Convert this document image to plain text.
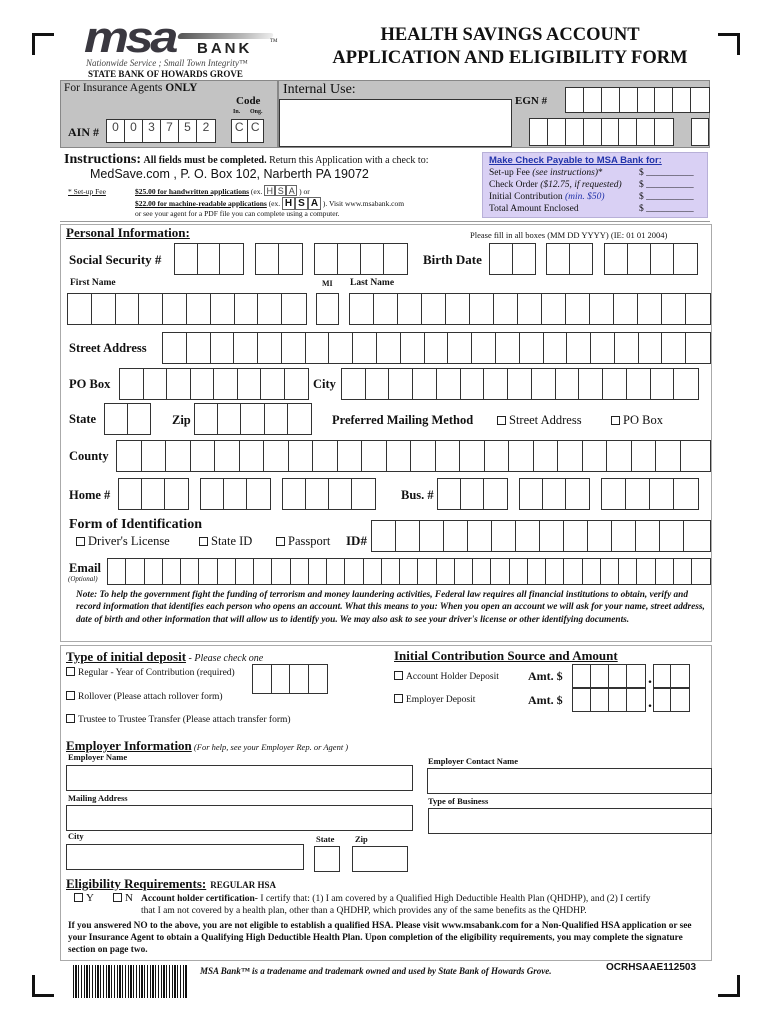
msa BANK	TM
Nationwide Service ; Small Town Integrity™
STATE BANK OF HOWARDS GROVE
HEALTH SAVINGS ACCOUNT
APPLICATION AND ELIGIBILITY FORM
For Insurance Agents ONLY
Code
In. Ong.
AIN #	0 0 3 7 5 2	C C
Internal Use:
EGN #
Instructions: All fields must be completed. Return this Application with a check to:
MedSave.com , P. O. Box 102, Narberth PA 19072
* Set-up Fee	$25.00 for handwritten applications (ex. H S A ) or
$22.00 for machine-readable applications (ex. H S A ). Visit www.msabank.com
or see your agent for a PDF file you can complete using a computer.
Make Check Payable to MSA Bank for:
Set-up Fee (see instructions)*	$ __________
Check Order ($12.75, if requested) $ __________
Initial Contribution (min. $50)	$ __________
Total Amount Enclosed	$ __________
Personal Information:	Please fill in all boxes (MM DD YYYY) (IE: 01 01 2004)
Social Security #	Birth Date
First Name	MI Last Name
Street Address
PO Box	City
State	Zip	Preferred Mailing Method	Street Address	PO Box
County
Home #	Bus. #
Form of Identification
Driver's License	State ID	Passport ID#
Email
(Optional)
Note: To help the government fight the funding of terrorism and money laundering activities, Federal law requires all financial institutions to obtain, verify and record information that identifies each person who opens an account. What this means to you: When you open an account we will ask for your name, street address, date of birth and other information that will allow us to identify you. We may also ask to see your driver's license or other identifying documents.
Type of initial deposit - Please check one
Regular - Year of Contribution (required)
Rollover (Please attach rollover form)
Trustee to Trustee Transfer (Please attach transfer form)
Initial Contribution Source and Amount
Account Holder Deposit Amt. $	.
Employer Deposit	Amt. $	.
Employer Information (For help, see your Employer Rep. or Agent )
Employer Name	Employer Contact Name
Mailing Address	Type of Business
City	State Zip
Eligibility Requirements: REGULAR HSA
Y	N Account holder certification- I certify that: (1) I am covered by a Qualified High Deductible Health Plan (QHDHP), and (2) I certify
that I am not covered by a health plan, other than a QHDHP, which provides any of the same benefits as the QHDHP.
If you answered NO to the above, you are not eligible to establish a qualified HSA. Please visit www.msabank.com for a Non-Qualified HSA application or see your Insurance Agent to obtain a Qualifying High Deductible Health Plan. Upon completion of the eligibility requirements, you may complete the signature section on page two.
MSA Bank™ is a tradename and trademark owned and used by State Bank of Howards Grove.	OCRHSAAE112503
